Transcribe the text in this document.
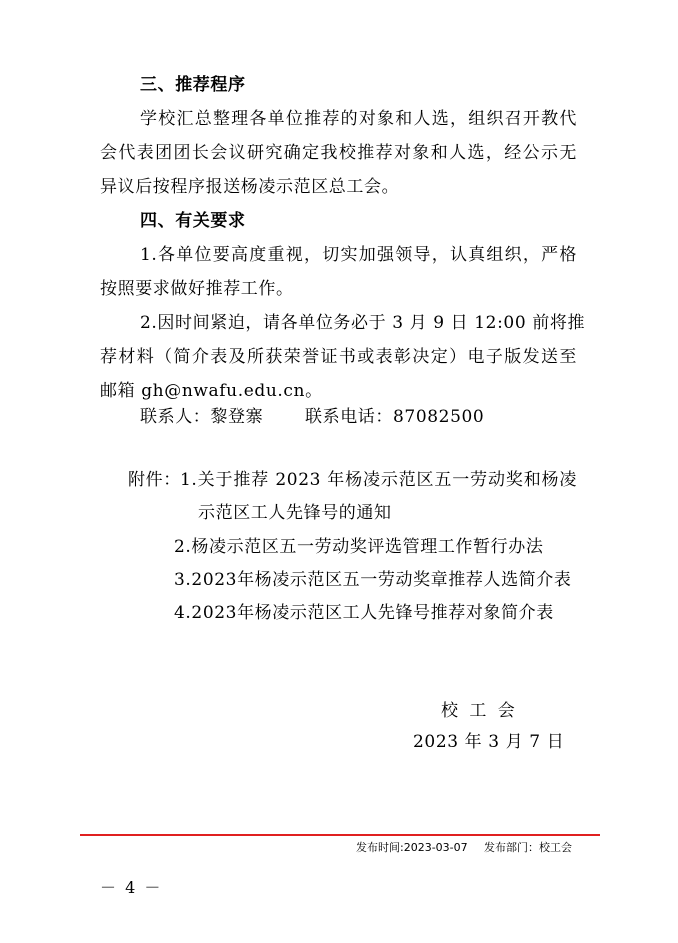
三、推荐程序
学校汇总整理各单位推荐的对象和人选，组织召开教代
会代表团团长会议研究确定我校推荐对象和人选，经公示无
异议后按程序报送杨凌示范区总工会。
四、有关要求
1.各单位要高度重视，切实加强领导，认真组织，严格
按照要求做好推荐工作。
2.因时间紧迫，请各单位务必于 3 月 9 日 12:00 前将推
荐材料（简介表及所获荣誉证书或表彰决定）电子版发送至
邮箱 gh@nwafu.edu.cn。
联系人：黎登寨 联系电话：87082500
附件： 1.关于推荐 2023 年杨凌示范区五一劳动奖和杨凌
示范区工人先锋号的通知
2.杨凌示范区五一劳动奖评选管理工作暂行办法
3.2023年杨凌示范区五一劳动奖章推荐人选简介表
4.2023年杨凌示范区工人先锋号推荐对象简介表
校 工 会
2023 年 3 月 7 日
发布时间:2023-03-07 发布部门：校工会
－ 4 －
